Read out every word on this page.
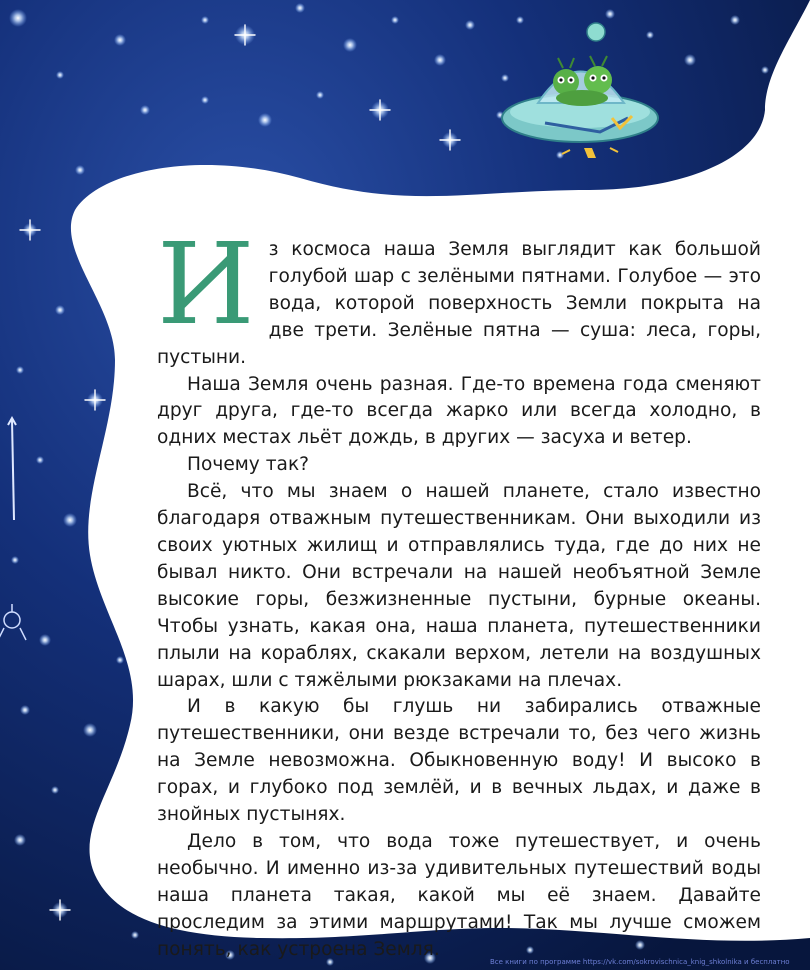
Из космоса наша Земля выглядит как большой голубой шар с зелёными пятнами. Голубое — это вода, которой поверхность Земли покрыта на две трети. Зелёные пятна — суша: леса, горы, пустыни.

Наша Земля очень разная. Где-то времена года сменяют друг друга, где-то всегда жарко или всегда холодно, в одних местах льёт дождь, в других — засуха и ветер.

Почему так?

Всё, что мы знаем о нашей планете, стало известно благодаря отважным путешественникам. Они выходили из своих уютных жилищ и отправлялись туда, где до них не бывал никто. Они встречали на нашей необъятной Земле высокие горы, безжизненные пустыни, бурные океаны. Чтобы узнать, какая она, наша планета, путешественники плыли на кораблях, скакали верхом, летели на воздушных шарах, шли с тяжёлыми рюкзаками на плечах.

И в какую бы глушь ни забирались отважные путешественники, они везде встречали то, без чего жизнь на Земле невозможна. Обыкновенную воду! И высоко в горах, и глубоко под землёй, и в вечных льдах, и даже в знойных пустынях.

Дело в том, что вода тоже путешествует, и очень необычно. И именно из-за удивительных путешествий воды наша планета такая, какой мы её знаем. Давайте проследим за этими маршрутами! Так мы лучше сможем понять, как устроена Земля.

Все книги по программе https://vk.com/sokrovischnica_knig_shkolnika и бесплатно
